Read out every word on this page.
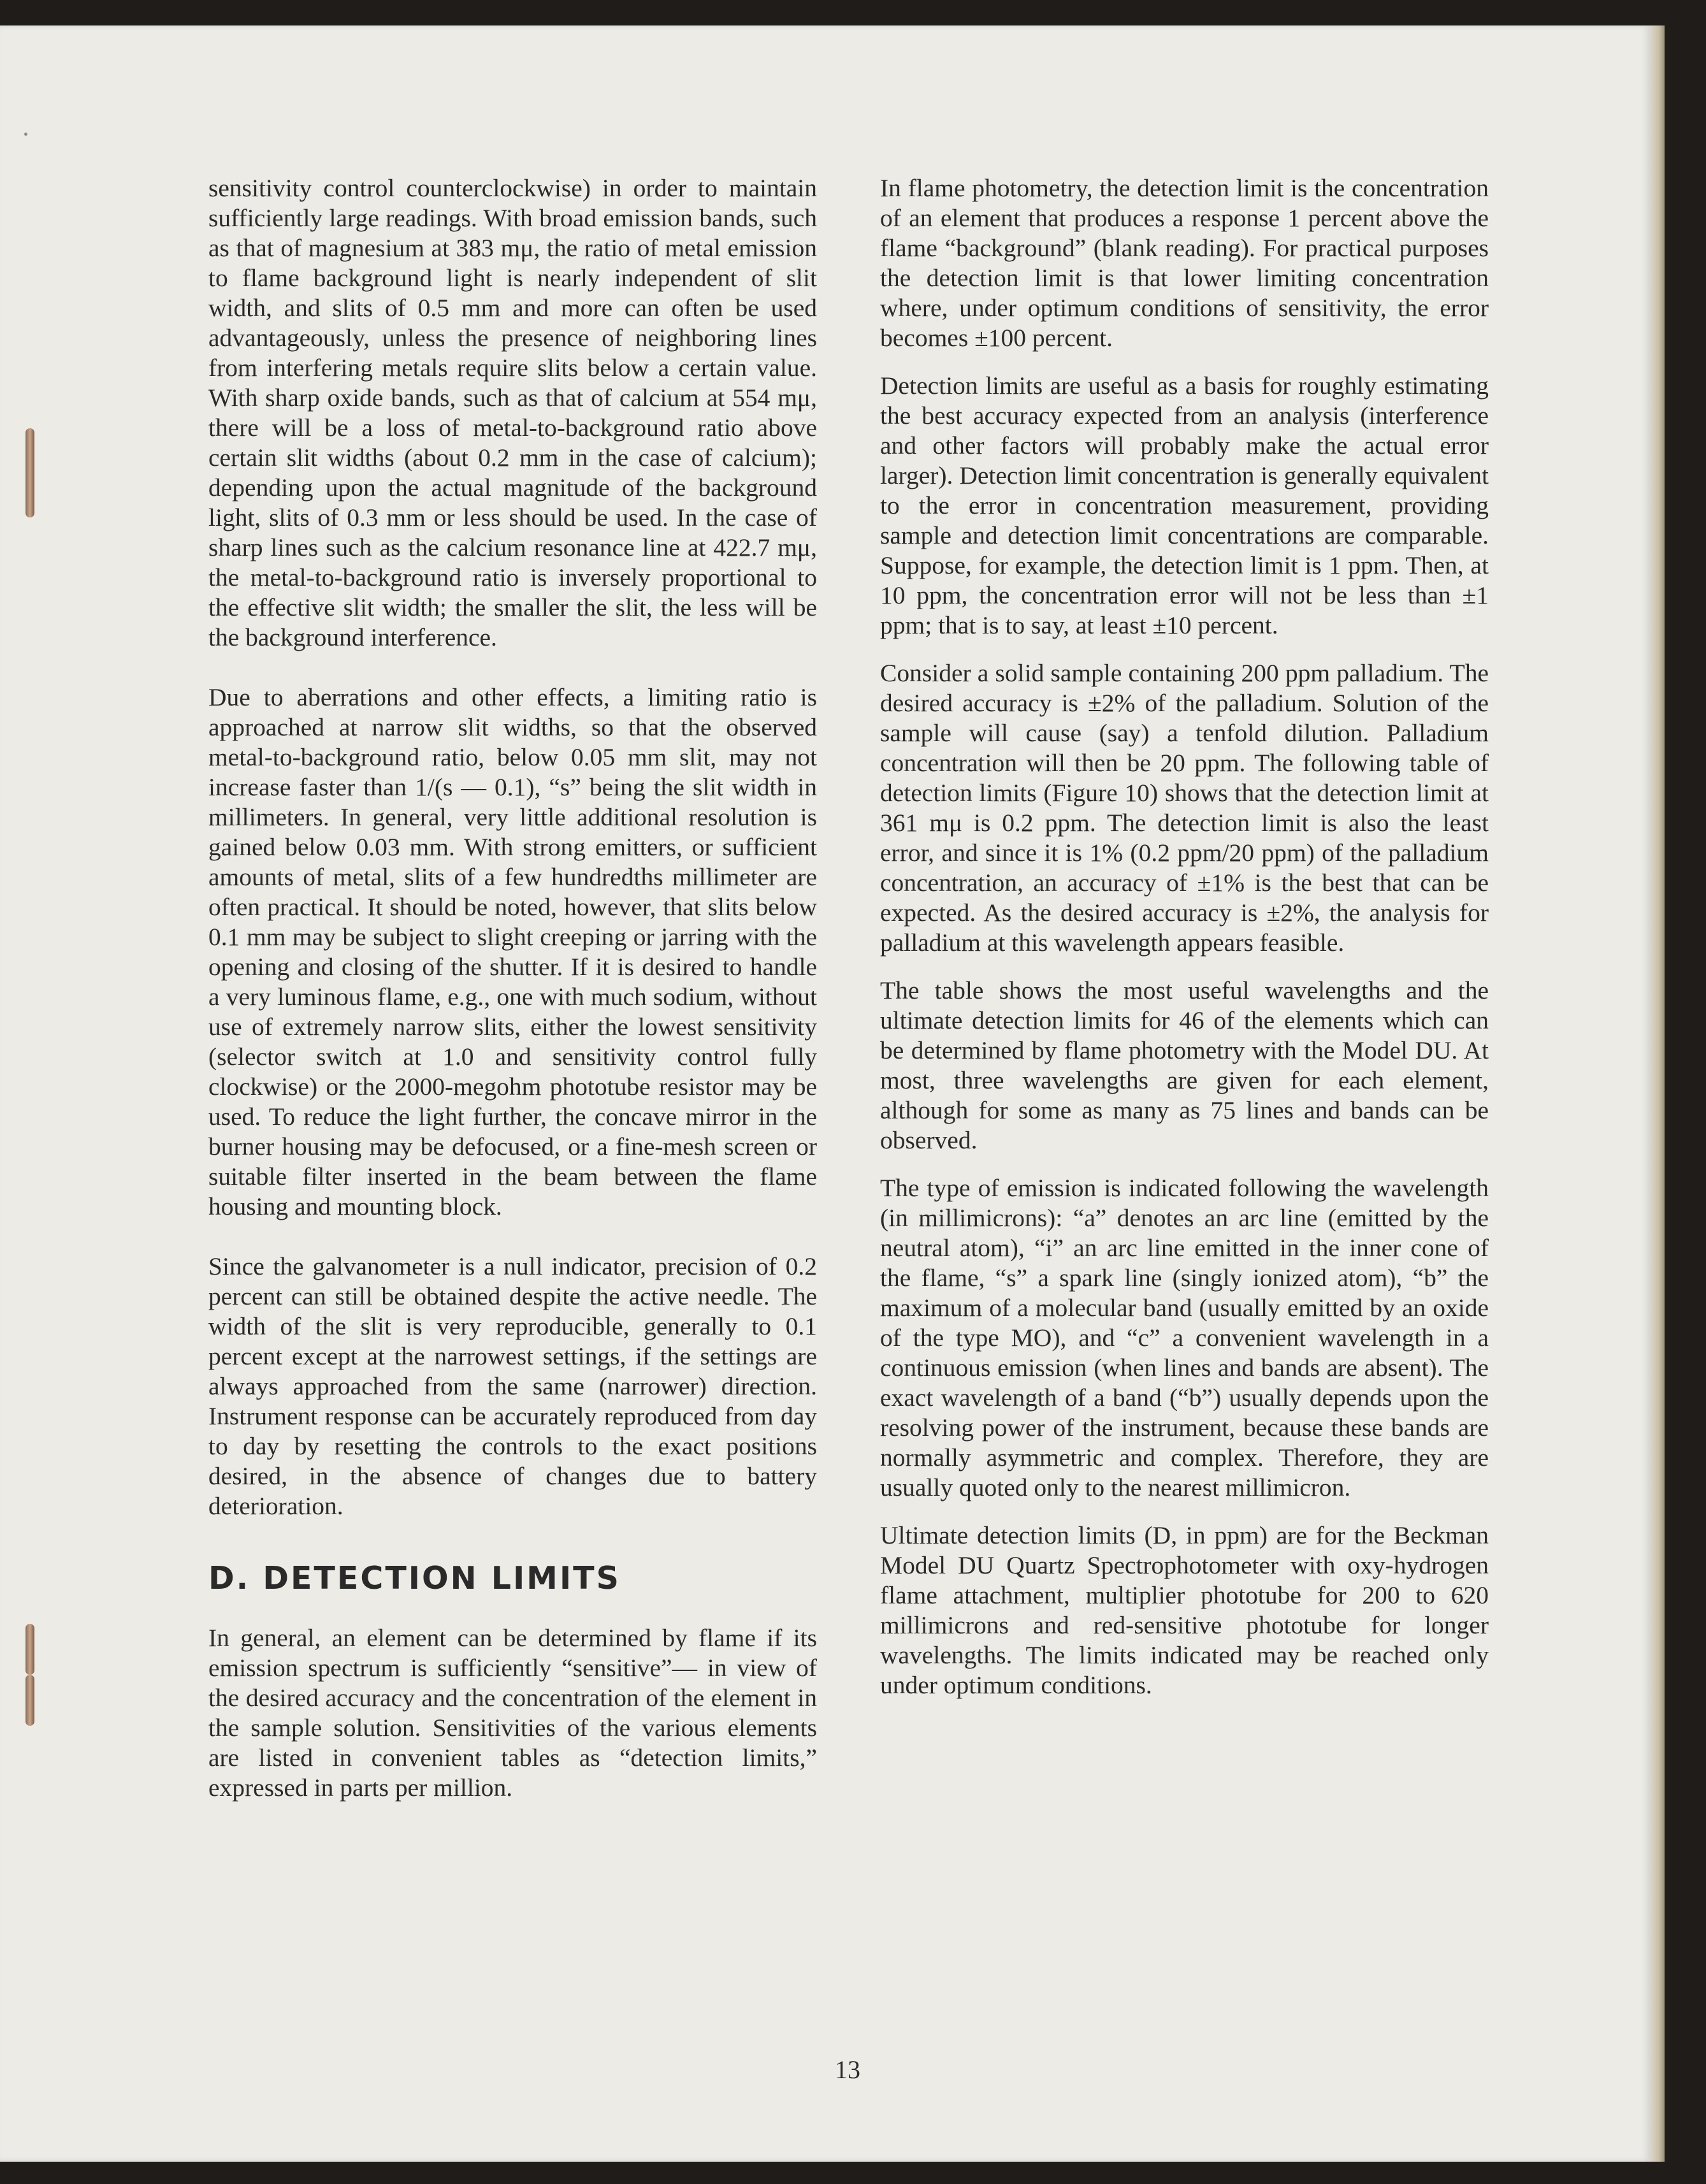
sensitivity control counterclockwise) in order to maintain sufficiently large readings. With broad emission bands, such as that of magnesium at 383 mμ, the ratio of metal emission to flame background light is nearly independent of slit width, and slits of 0.5 mm and more can often be used advantageously, unless the presence of neighboring lines from interfering metals require slits below a certain value. With sharp oxide bands, such as that of calcium at 554 mμ, there will be a loss of metal-to-background ratio above certain slit widths (about 0.2 mm in the case of calcium); depending upon the actual magnitude of the background light, slits of 0.3 mm or less should be used. In the case of sharp lines such as the calcium resonance line at 422.7 mμ, the metal-to-background ratio is inversely proportional to the effective slit width; the smaller the slit, the less will be the background interference.

Due to aberrations and other effects, a limiting ratio is approached at narrow slit widths, so that the observed metal-to-background ratio, below 0.05 mm slit, may not increase faster than 1/(s — 0.1), “s” being the slit width in millimeters. In general, very little additional resolution is gained below 0.03 mm. With strong emitters, or sufficient amounts of metal, slits of a few hundredths millimeter are often practical. It should be noted, however, that slits below 0.1 mm may be subject to slight creeping or jarring with the opening and closing of the shutter. If it is desired to handle a very luminous flame, e.g., one with much sodium, without use of extremely narrow slits, either the lowest sensitivity (selector switch at 1.0 and sensitivity control fully clockwise) or the 2000-megohm phototube resistor may be used. To reduce the light further, the concave mirror in the burner housing may be defocused, or a fine-mesh screen or suitable filter inserted in the beam between the flame housing and mounting block.

Since the galvanometer is a null indicator, precision of 0.2 percent can still be obtained despite the active needle. The width of the slit is very reproducible, generally to 0.1 percent except at the narrowest settings, if the settings are always approached from the same (narrower) direction. Instrument response can be accurately reproduced from day to day by resetting the controls to the exact positions desired, in the absence of changes due to battery deterioration.

D. DETECTION LIMITS

In general, an element can be determined by flame if its emission spectrum is sufficiently “sensitive”— in view of the desired accuracy and the concentration of the element in the sample solution. Sensitivities of the various elements are listed in convenient tables as “detection limits,” expressed in parts per million.

In flame photometry, the detection limit is the concentration of an element that produces a response 1 percent above the flame “background” (blank reading). For practical purposes the detection limit is that lower limiting concentration where, under optimum conditions of sensitivity, the error becomes ±100 percent.

Detection limits are useful as a basis for roughly estimating the best accuracy expected from an analysis (interference and other factors will probably make the actual error larger). Detection limit concentration is generally equivalent to the error in concentration measurement, providing sample and detection limit concentrations are comparable. Suppose, for example, the detection limit is 1 ppm. Then, at 10 ppm, the concentration error will not be less than ±1 ppm; that is to say, at least ±10 percent.

Consider a solid sample containing 200 ppm palladium. The desired accuracy is ±2% of the palladium. Solution of the sample will cause (say) a tenfold dilution. Palladium concentration will then be 20 ppm. The following table of detection limits (Figure 10) shows that the detection limit at 361 mμ is 0.2 ppm. The detection limit is also the least error, and since it is 1% (0.2 ppm/20 ppm) of the palladium concentration, an accuracy of ±1% is the best that can be expected. As the desired accuracy is ±2%, the analysis for palladium at this wavelength appears feasible.

The table shows the most useful wavelengths and the ultimate detection limits for 46 of the elements which can be determined by flame photometry with the Model DU. At most, three wavelengths are given for each element, although for some as many as 75 lines and bands can be observed.

The type of emission is indicated following the wavelength (in millimicrons): “a” denotes an arc line (emitted by the neutral atom), “i” an arc line emitted in the inner cone of the flame, “s” a spark line (singly ionized atom), “b” the maximum of a molecular band (usually emitted by an oxide of the type MO), and “c” a convenient wavelength in a continuous emission (when lines and bands are absent). The exact wavelength of a band (“b”) usually depends upon the resolving power of the instrument, because these bands are normally asymmetric and complex. Therefore, they are usually quoted only to the nearest millimicron.

Ultimate detection limits (D, in ppm) are for the Beckman Model DU Quartz Spectrophotometer with oxy-hydrogen flame attachment, multiplier phototube for 200 to 620 millimicrons and red-sensitive phototube for longer wavelengths. The limits indicated may be reached only under optimum conditions.

13
